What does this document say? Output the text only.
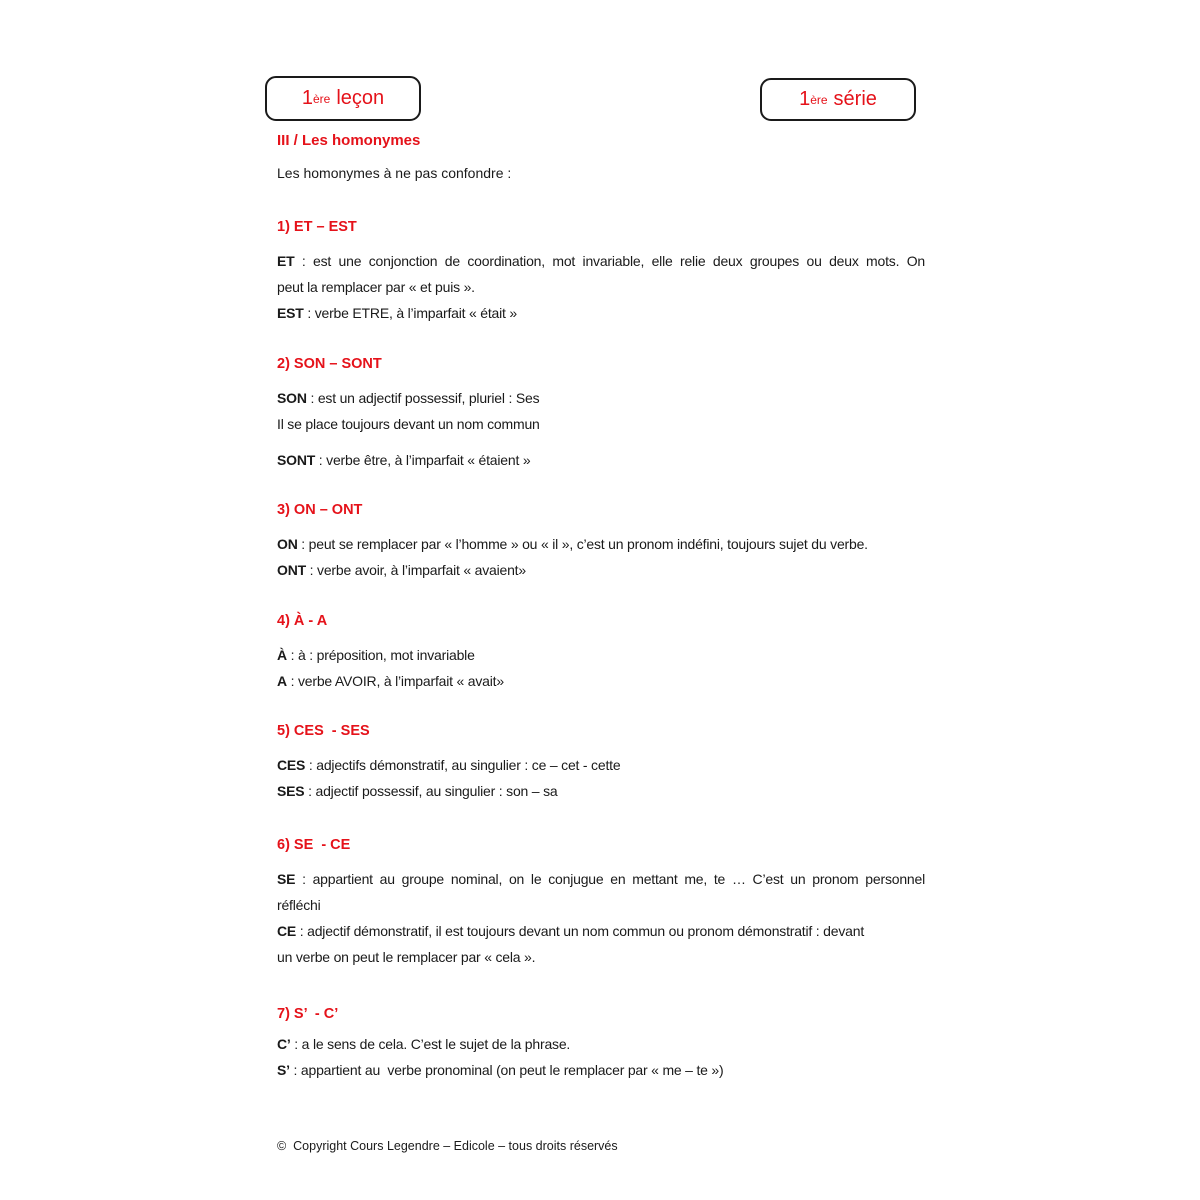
1 ère leçon	1 ère série
III / Les homonymes

Les homonymes à ne pas confondre :

1) ET – EST

ET : est une conjonction de coordination, mot invariable, elle relie deux groupes ou deux mots. On

peut la remplacer par « et puis ».

EST : verbe ETRE, à l’imparfait « était »

2) SON – SONT

SON : est un adjectif possessif, pluriel : Ses

Il se place toujours devant un nom commun

SONT : verbe être, à l’imparfait « étaient »

3) ON – ONT

ON : peut se remplacer par « l’homme » ou « il », c’est un pronom indéfini, toujours sujet du verbe.

ONT : verbe avoir, à l’imparfait « avaient»

4) À - A

À : à : préposition, mot invariable

A : verbe AVOIR, à l’imparfait « avait»

5) CES  - SES

CES : adjectifs démonstratif, au singulier : ce – cet - cette

SES : adjectif possessif, au singulier : son – sa

6) SE  - CE

SE : appartient au groupe nominal, on le conjugue en mettant me, te … C’est un pronom personnel

réfléchi

CE : adjectif démonstratif, il est toujours devant un nom commun ou pronom démonstratif : devant

un verbe on peut le remplacer par « cela ».

7) S’  - C’

C’ : a le sens de cela. C’est le sujet de la phrase.

S’ : appartient au  verbe pronominal (on peut le remplacer par « me – te »)

©  Copyright Cours Legendre – Edicole – tous droits réservés
